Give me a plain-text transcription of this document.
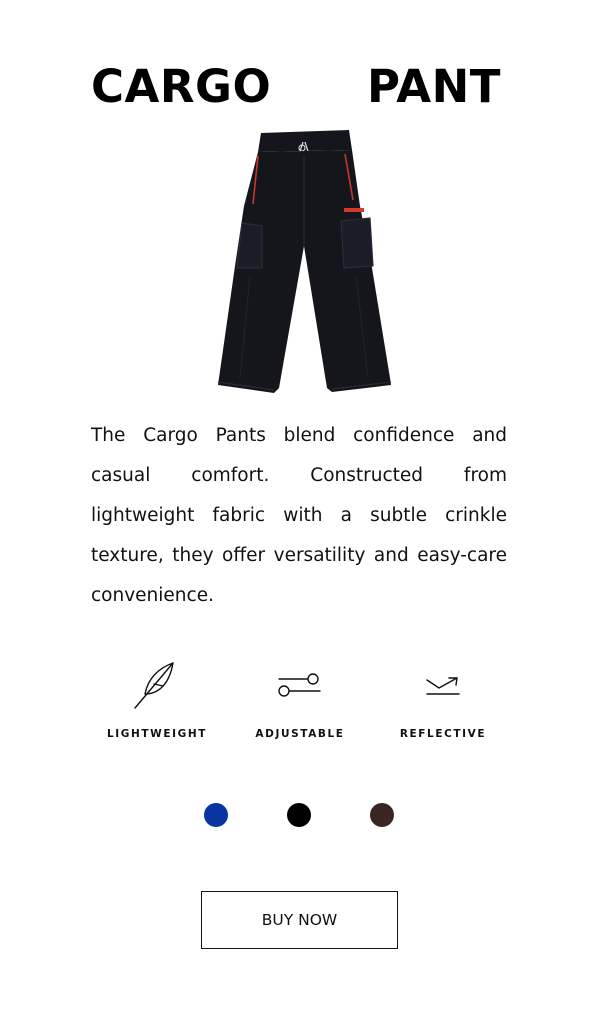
CARGO PANT

The Cargo Pants blend confidence and casual comfort. Constructed from lightweight fabric with a subtle crinkle texture, they offer versatility and easy-care convenience.

LIGHTWEIGHT	ADJUSTABLE	REFLECTIVE
BUY NOW
